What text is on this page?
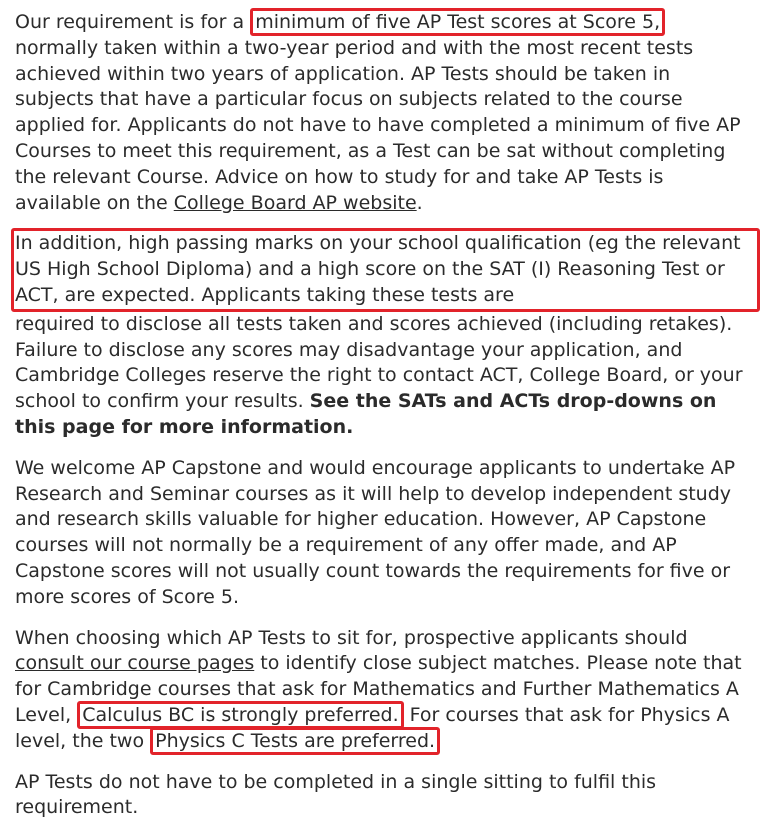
Our requirement is for a minimum of five AP Test scores at Score 5, normally taken within a two-year period and with the most recent tests achieved within two years of application. AP Tests should be taken in subjects that have a particular focus on subjects related to the course applied for. Applicants do not have to have completed a minimum of five AP Courses to meet this requirement, as a Test can be sat without completing the relevant Course. Advice on how to study for and take AP Tests is available on the College Board AP website.

In addition, high passing marks on your school qualification (eg the relevant US High School Diploma) and a high score on the SAT (I) Reasoning Test or ACT, are expected. Applicants taking these tests are
required to disclose all tests taken and scores achieved (including retakes). Failure to disclose any scores may disadvantage your application, and Cambridge Colleges reserve the right to contact ACT, College Board, or your school to confirm your results. See the SATs and ACTs drop-downs on this page for more information.

We welcome AP Capstone and would encourage applicants to undertake AP Research and Seminar courses as it will help to develop independent study and research skills valuable for higher education. However, AP Capstone courses will not normally be a requirement of any offer made, and AP Capstone scores will not usually count towards the requirements for five or more scores of Score 5.

When choosing which AP Tests to sit for, prospective applicants should consult our course pages to identify close subject matches. Please note that for Cambridge courses that ask for Mathematics and Further Mathematics A Level, Calculus BC is strongly preferred. For courses that ask for Physics A level, the two Physics C Tests are preferred.

AP Tests do not have to be completed in a single sitting to fulfil this requirement.
